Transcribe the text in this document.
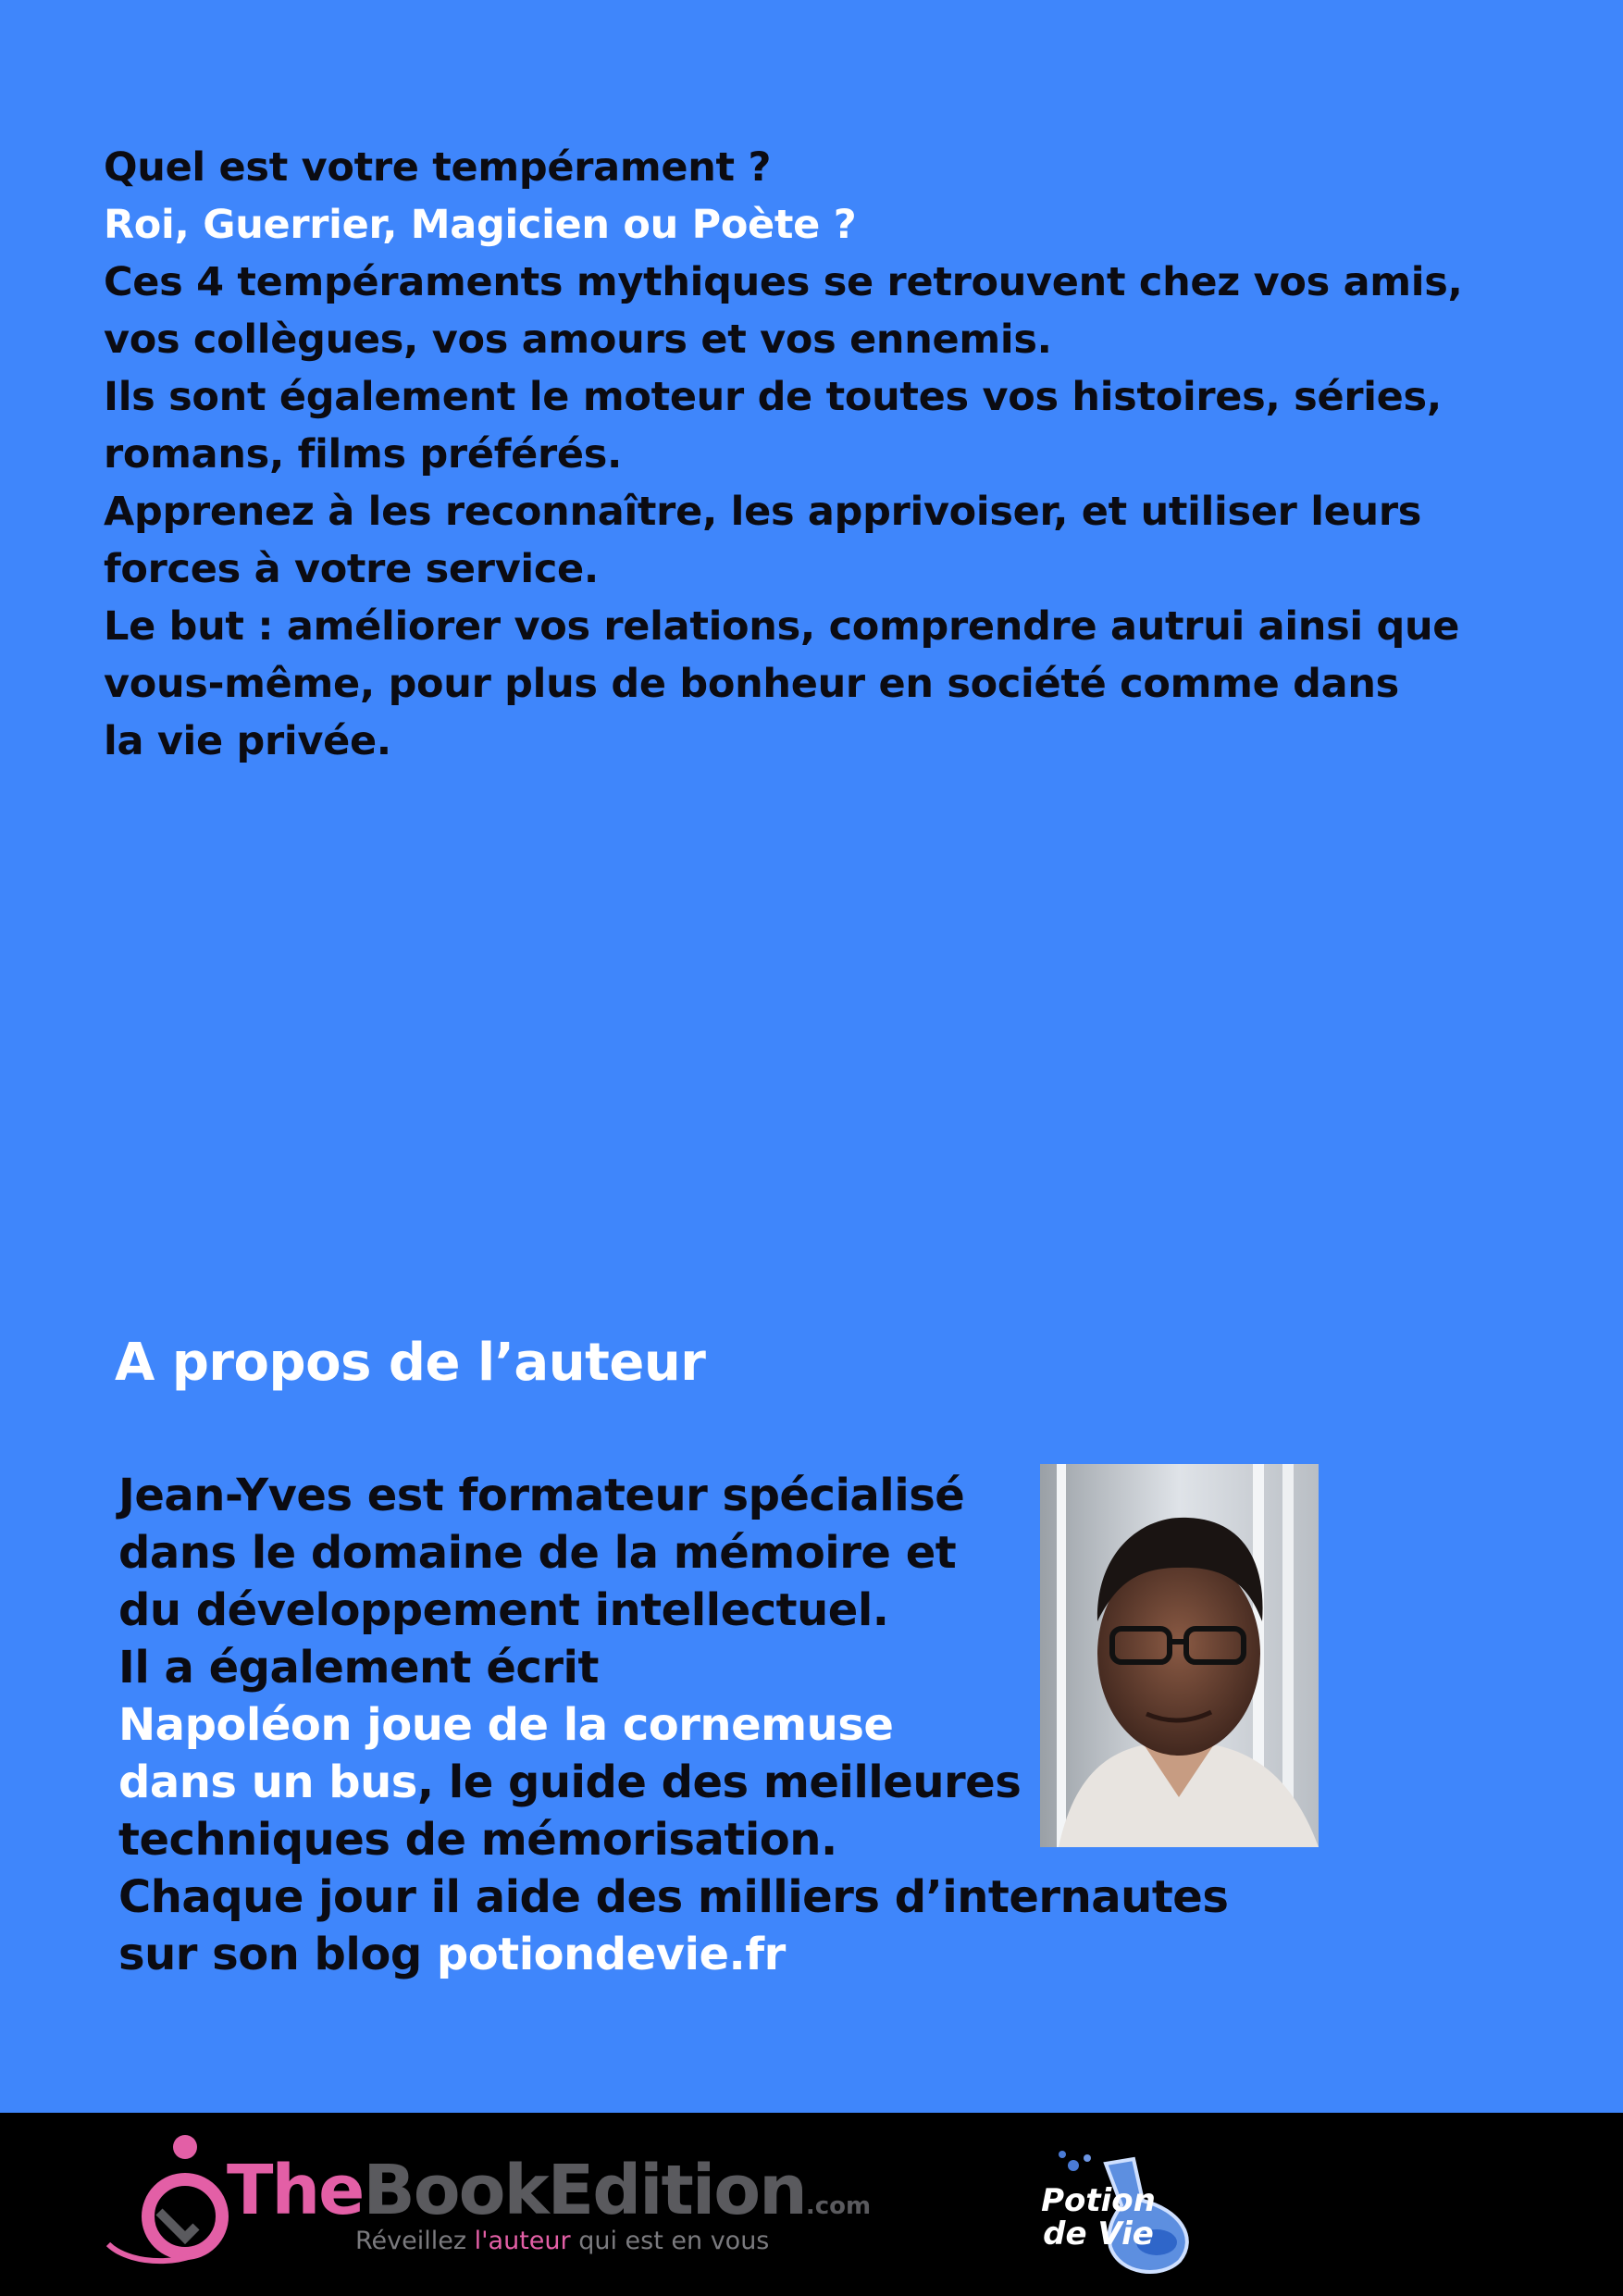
Quel est votre tempérament ?
Roi, Guerrier, Magicien ou Poète ?
Ces 4 tempéraments mythiques se retrouvent chez vos amis,
vos collègues, vos amours et vos ennemis.
Ils sont également le moteur de toutes vos histoires, séries,
romans, films préférés.
Apprenez à les reconnaître, les apprivoiser, et utiliser leurs
forces à votre service.
Le but : améliorer vos relations, comprendre autrui ainsi que
vous-même, pour plus de bonheur en société comme dans
la vie privée.
A propos de l’auteur
Jean-Yves est formateur spécialisé
dans le domaine de la mémoire et
du développement intellectuel.
Il a également écrit
Napoléon joue de la cornemuse
dans un bus, le guide des meilleures
techniques de mémorisation.
Chaque jour il aide des milliers d’internautes
sur son blog potiondevie.fr
TheBookEdition.com
Réveillez l'auteur qui est en vous
Potion
de Vie
